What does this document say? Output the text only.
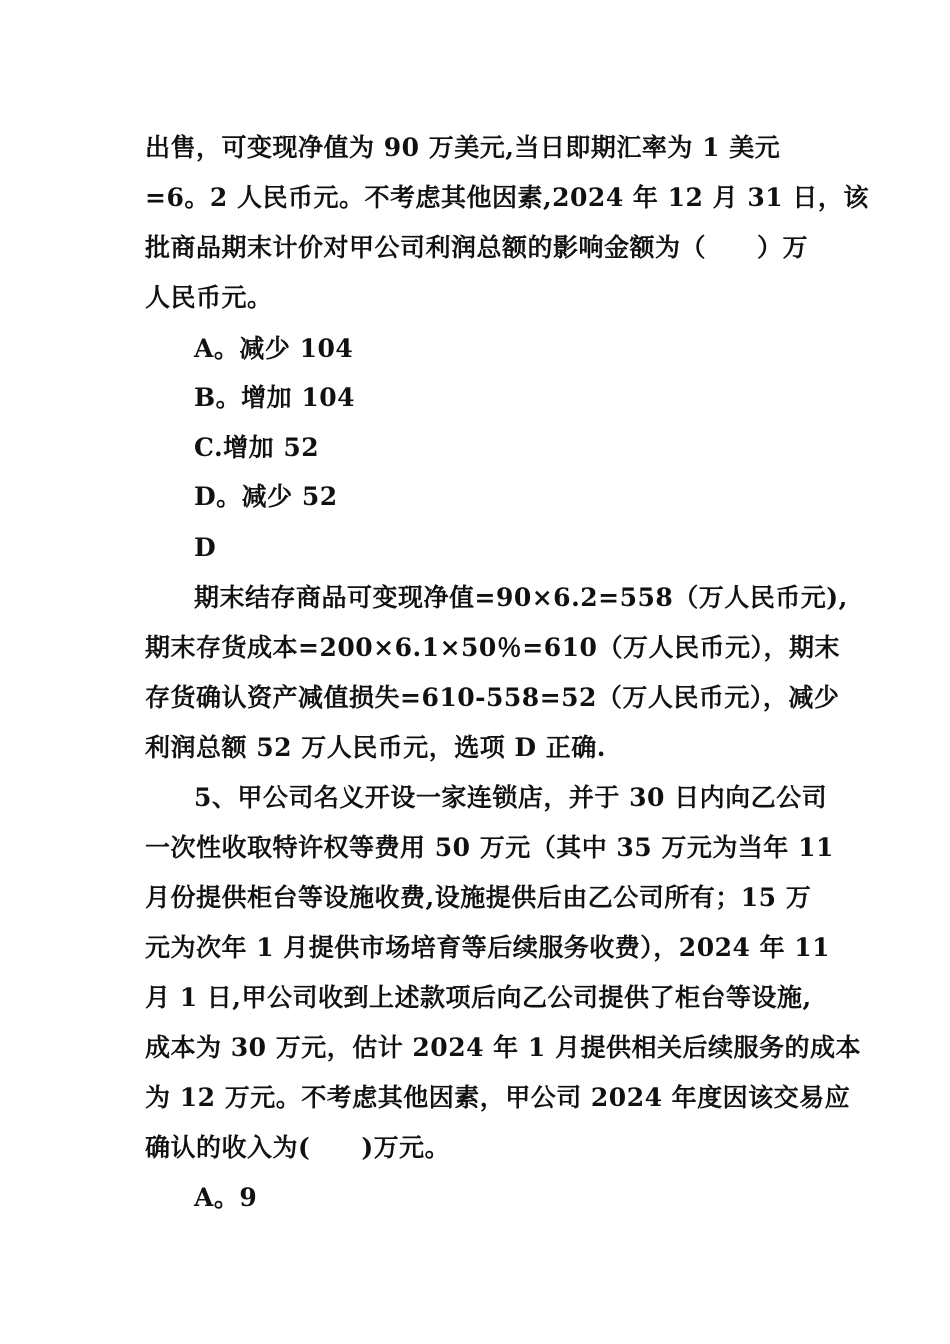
出售，可变现净值为 90 万美元,当日即期汇率为 1 美元
=6。2 人民币元。不考虑其他因素,2024 年 12 月 31 日，该
批商品期末计价对甲公司利润总额的影响金额为（　　）万
人民币元。
A。减少 104
B。增加 104
C.增加 52
D。减少 52
D
期末结存商品可变现净值=90×6.2=558（万人民币元),
期末存货成本=200×6.1×50％=610（万人民币元），期末
存货确认资产减值损失=610-558=52（万人民币元），减少
利润总额 52 万人民币元，选项 D 正确.
5、甲公司名义开设一家连锁店，并于 30 日内向乙公司
一次性收取特许权等费用 50 万元（其中 35 万元为当年 11
月份提供柜台等设施收费,设施提供后由乙公司所有；15 万
元为次年 1 月提供市场培育等后续服务收费），2024 年 11
月 1 日,甲公司收到上述款项后向乙公司提供了柜台等设施,
成本为 30 万元，估计 2024 年 1 月提供相关后续服务的成本
为 12 万元。不考虑其他因素，甲公司 2024 年度因该交易应
确认的收入为(　　)万元。
A。9
